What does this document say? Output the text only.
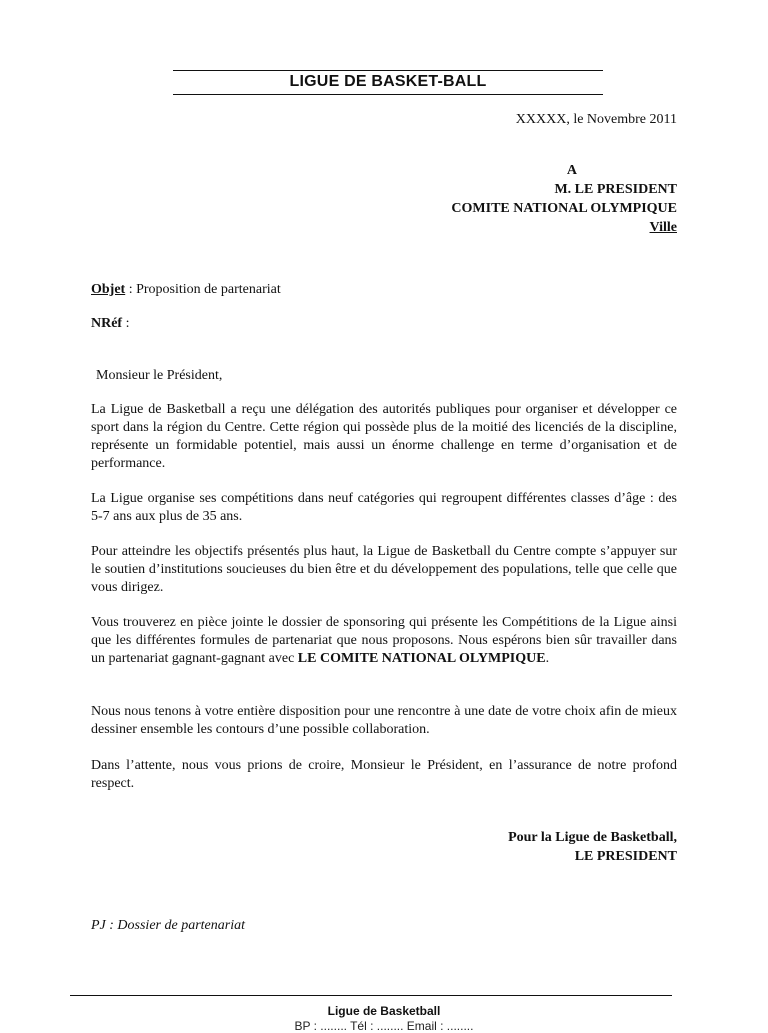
LIGUE DE BASKET-BALL
XXXXX, le Novembre 2011
A
M. LE PRESIDENT
COMITE NATIONAL OLYMPIQUE
Ville
Objet : Proposition de partenariat
NRéf :
Monsieur le Président,
La Ligue de Basketball a reçu une délégation des autorités publiques pour organiser et développer ce sport dans la région du Centre. Cette région qui possède plus de la moitié des licenciés de la discipline, représente un formidable potentiel, mais aussi un énorme challenge en terme d’organisation et de performance.
La Ligue organise ses compétitions dans neuf catégories qui regroupent différentes classes d’âge : des 5-7 ans aux plus de 35 ans.
Pour atteindre les objectifs présentés plus haut, la Ligue de Basketball du Centre compte s’appuyer sur le soutien d’institutions soucieuses du bien être et du développement des populations, telle que celle que vous dirigez.
Vous trouverez en pièce jointe le dossier de sponsoring qui présente les Compétitions de la Ligue ainsi que les différentes formules de partenariat que nous proposons. Nous espérons bien sûr travailler dans un partenariat gagnant-gagnant avec LE COMITE NATIONAL OLYMPIQUE.
Nous nous tenons à votre entière disposition pour une rencontre à une date de votre choix afin de mieux dessiner ensemble les contours d’une possible collaboration.
Dans l’attente, nous vous prions de croire, Monsieur le Président, en l’assurance de notre profond respect.
Pour la Ligue de Basketball,
LE PRESIDENT
PJ : Dossier de partenariat
Ligue de Basketball
BP : ........ Tél : ........ Email : ........
